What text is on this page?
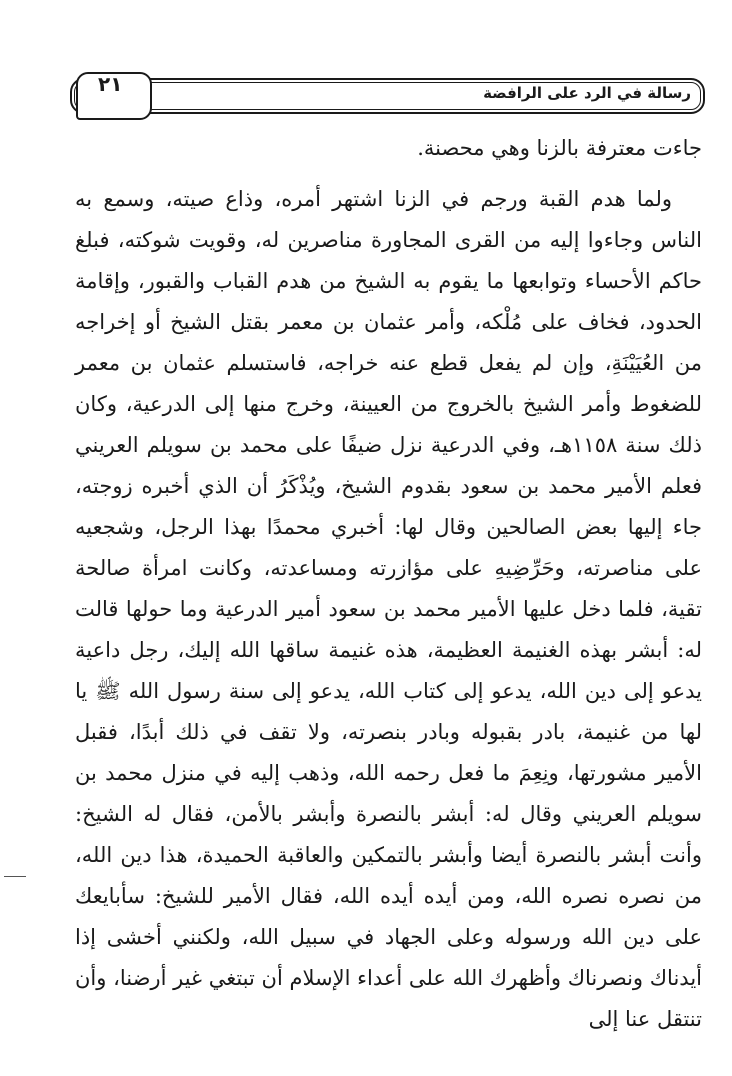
٢١	رسالة في الرد على الرافضة

جاءت معترفة بالزنا وهي محصنة.

ولما هدم القبة ورجم في الزنا اشتهر أمره، وذاع صيته، وسمع به الناس وجاءوا إليه من القرى المجاورة مناصرين له، وقويت شوكته، فبلغ حاكم الأحساء وتوابعها ما يقوم به الشيخ من هدم القباب والقبور، وإقامة الحدود، فخاف على مُلْكه، وأمر عثمان بن معمر بقتل الشيخ أو إخراجه من العُيَيْنَةِ، وإن لم يفعل قطع عنه خراجه، فاستسلم عثمان بن معمر للضغوط وأمر الشيخ بالخروج من العيينة، وخرج منها إلى الدرعية، وكان ذلك سنة ١١٥٨هـ، وفي الدرعية نزل ضيفًا على محمد بن سويلم العريني فعلم الأمير محمد بن سعود بقدوم الشيخ، ويُذْكَرُ أن الذي أخبره زوجته، جاء إليها بعض الصالحين وقال لها: أخبري محمدًا بهذا الرجل، وشجعيه على مناصرته، وحَرِّضِيهِ على مؤازرته ومساعدته، وكانت امرأة صالحة تقية، فلما دخل عليها الأمير محمد بن سعود أمير الدرعية وما حولها قالت له: أبشر بهذه الغنيمة العظيمة، هذه غنيمة ساقها الله إليك، رجل داعية يدعو إلى دين الله، يدعو إلى كتاب الله، يدعو إلى سنة رسول الله ﷺ يا لها من غنيمة، بادر بقبوله وبادر بنصرته، ولا تقف في ذلك أبدًا، فقبل الأمير مشورتها، ونِعِمَ ما فعل رحمه الله، وذهب إليه في منزل محمد بن سويلم العريني وقال له: أبشر بالنصرة وأبشر بالأمن، فقال له الشيخ: وأنت أبشر بالنصرة أيضا وأبشر بالتمكين والعاقبة الحميدة، هذا دين الله، من نصره نصره الله، ومن أيده أيده الله، فقال الأمير للشيخ: سأبايعك على دين الله ورسوله وعلى الجهاد في سبيل الله، ولكنني أخشى إذا أيدناك ونصرناك وأظهرك الله على أعداء الإسلام أن تبتغي غير أرضنا، وأن تنتقل عنا إلى
